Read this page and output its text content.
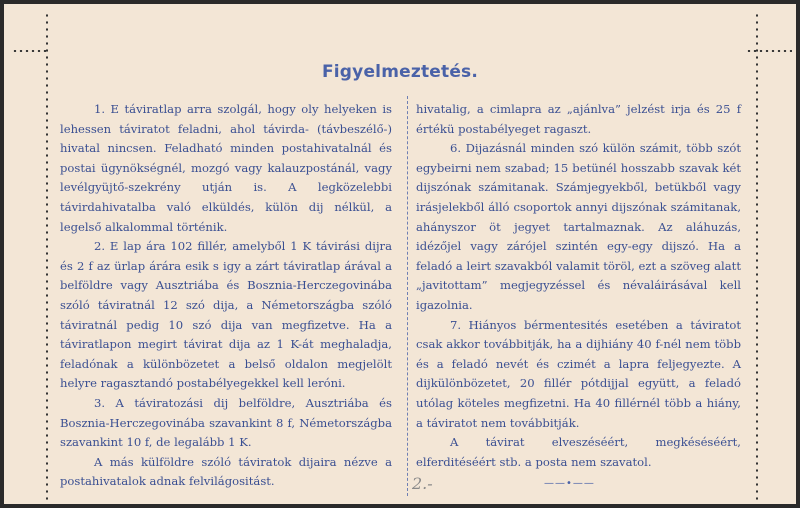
Figyelmeztetés.

1. E táviratlap arra szolgál, hogy oly helyeken is lehessen táviratot feladni, ahol távirda- (távbeszélő-) hivatal nincsen. Feladható minden postahivatalnál és postai ügynökségnél, mozgó vagy kalauzpostánál, vagy levélgyüjtő-szekrény utján is. A legközelebbi távirdahivatalba való elküldés, külön dij nélkül, a legelső alkalommal történik.

2. E lap ára 102 fillér, amelyből 1 K távirási dijra és 2 f az ürlap árára esik s igy a zárt táviratlap árával a belföldre vagy Ausztriába és Bosznia-Herczegovinába szóló táviratnál 12 szó dija, a Németországba szóló táviratnál pedig 10 szó dija van megfizetve. Ha a táviratlapon megirt távirat dija az 1 K-át meghaladja, feladónak a különbözetet a belső oldalon megjelölt helyre ragasztandó postabélyegekkel kell leróni.

3. A táviratozási dij belföldre, Ausztriába és Bosznia-Herczegovinába szavankint 8 f, Németországba szavankint 10 f, de legalább 1 K.

A más külföldre szóló táviratok dijaira nézve a postahivatalok adnak felvilágositást.

hivatalig, a cimlapra az „ajánlva” jelzést irja és 25 f értékü postabélyeget ragaszt.

6. Dijazásnál minden szó külön számit, több szót egybeirni nem szabad; 15 betünél hosszabb szavak két dijszónak számitanak. Számjegyekből, betükből vagy irásjelekből álló csoportok annyi dijszónak számitanak, ahányszor öt jegyet tartalmaznak. Az aláhuzás, idézőjel vagy zárójel szintén egy-egy dijszó. Ha a feladó a leirt szavakból valamit töröl, ezt a szöveg alatt „javitottam” megjegyzéssel és névaláirásával kell igazolnia.

7. Hiányos bérmentesités esetében a táviratot csak akkor továbbitják, ha a dijhiány 40 f-nél nem több és a feladó nevét és czimét a lapra feljegyezte. A dijkülönbözetet, 20 fillér pótdijjal együtt, a feladó utólag köteles megfizetni. Ha 40 fillérnél több a hiány, a táviratot nem továbbitják.

A távirat elveszéséért, megkéséséért, elferditéséért stb. a posta nem szavatol.

2.-	——•——
